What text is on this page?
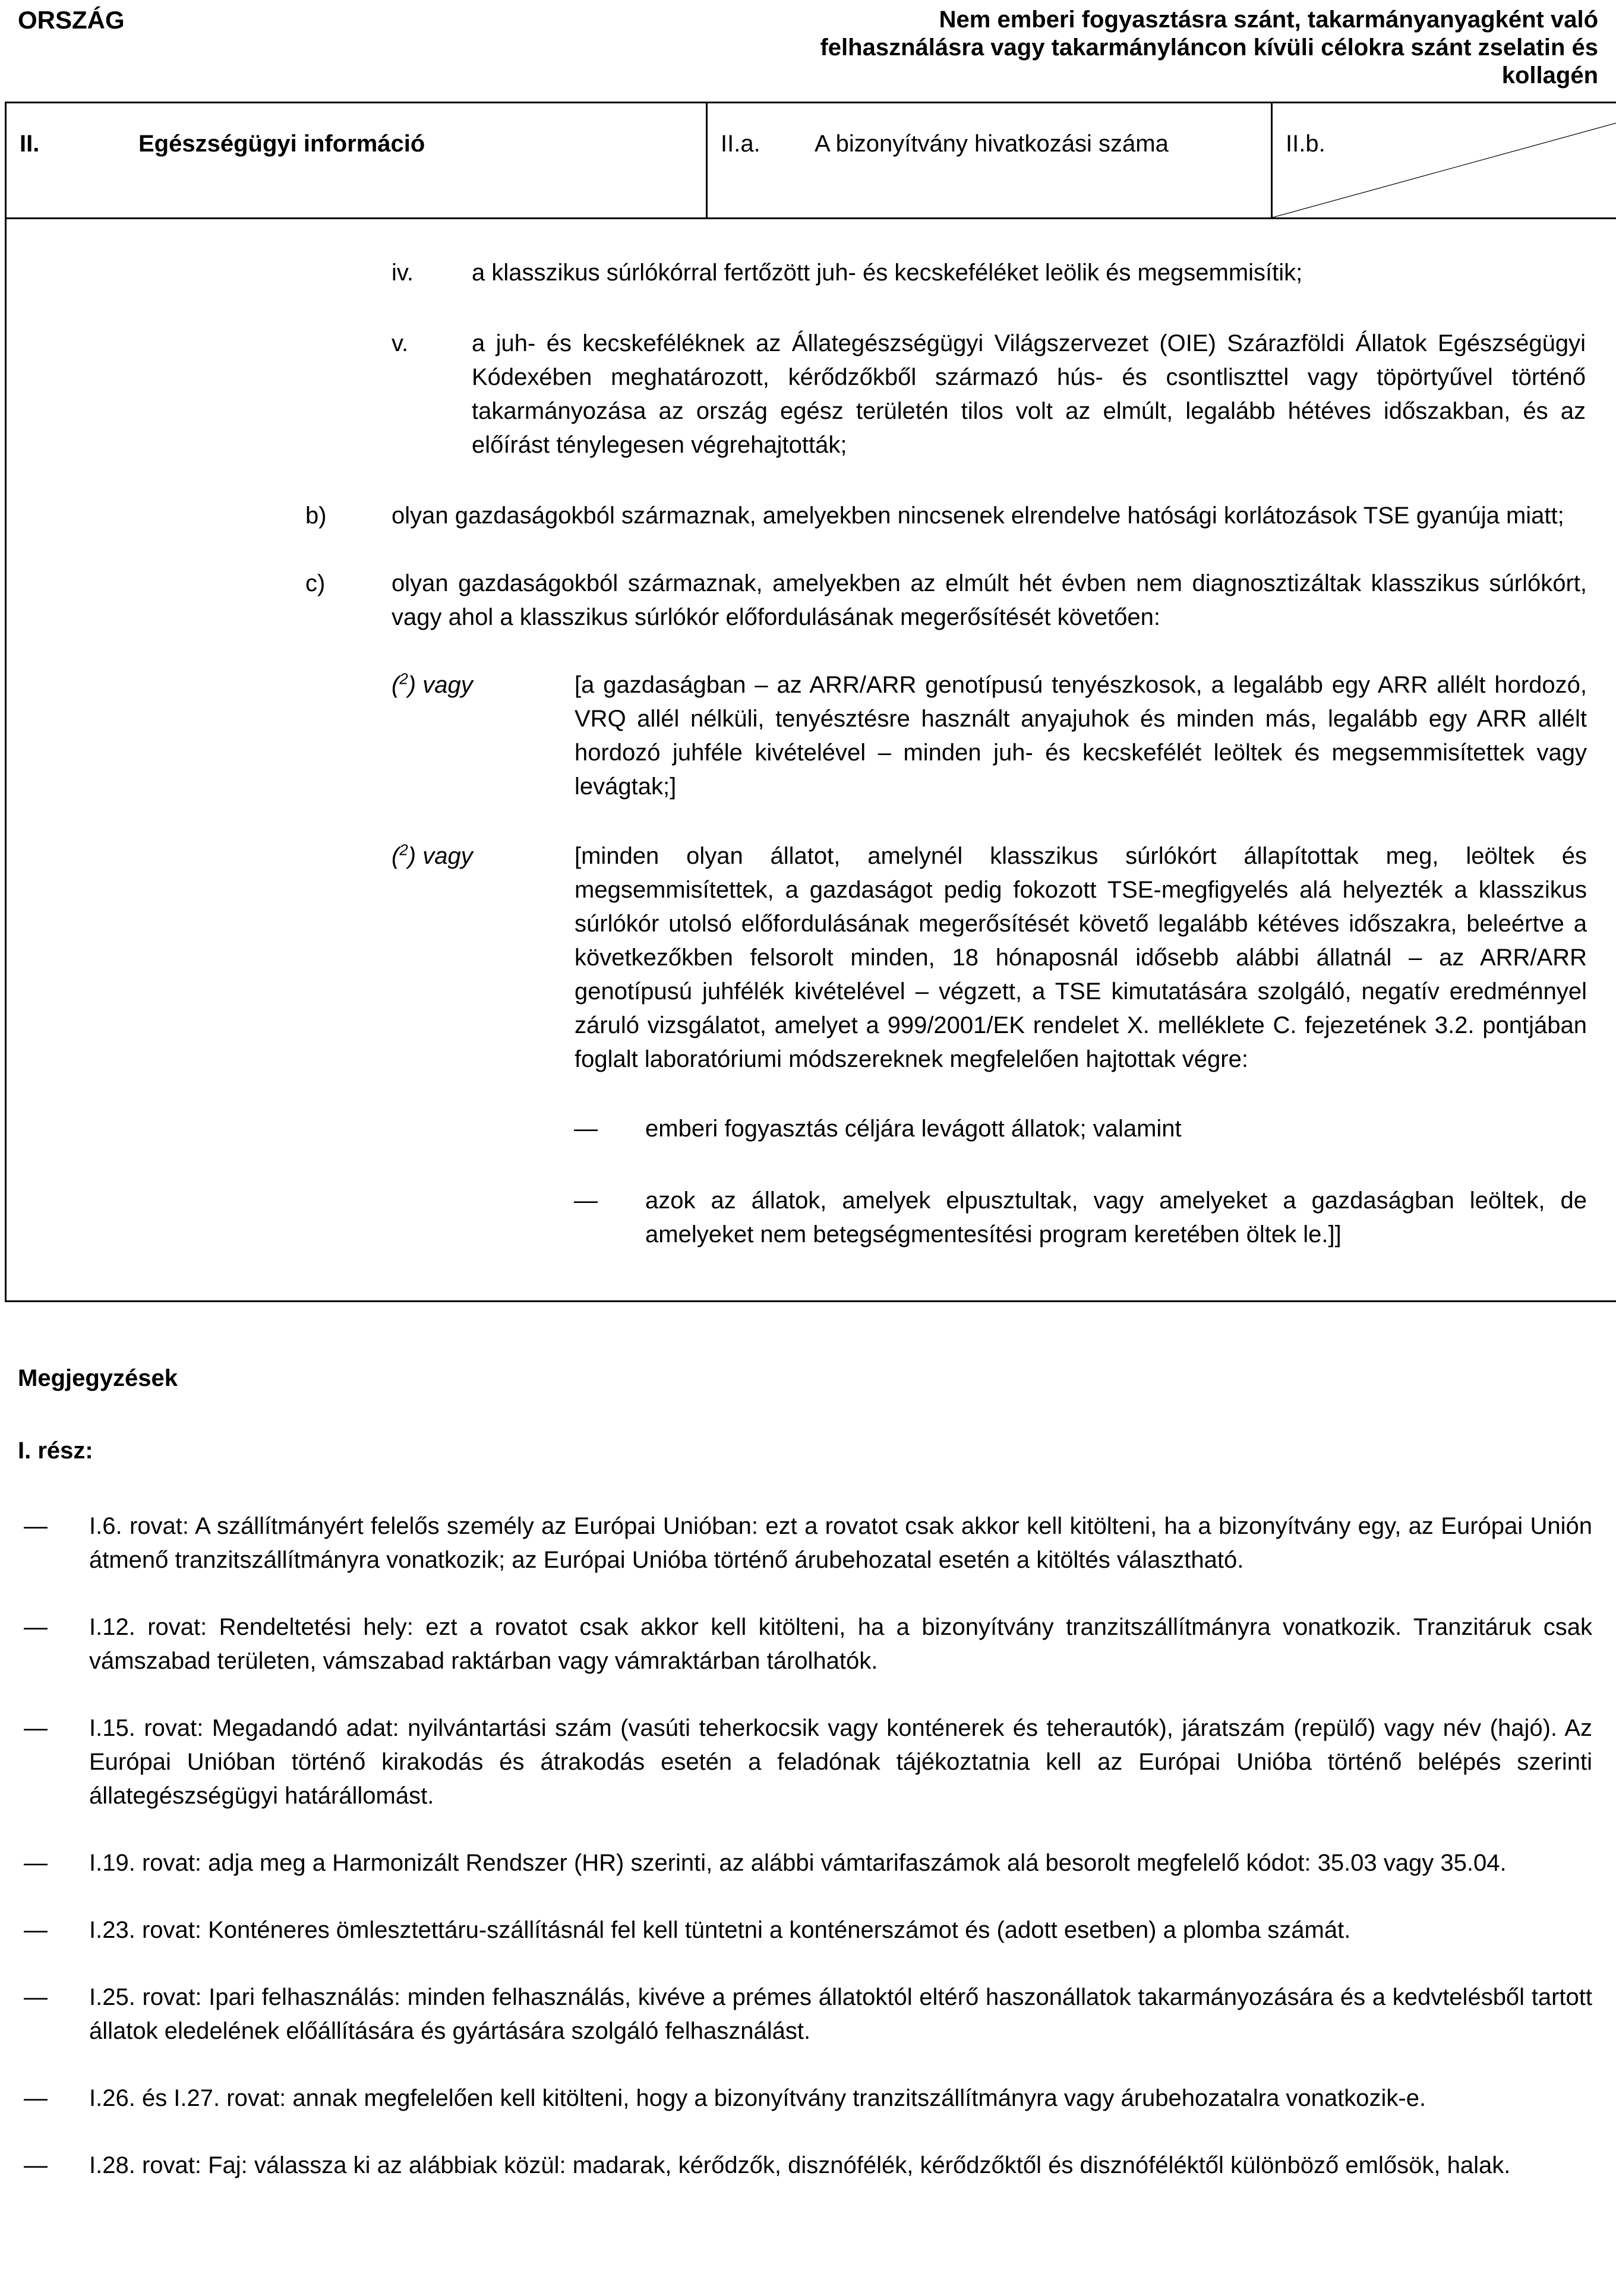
ORSZÁG	Nem emberi fogyasztásra szánt, takarmányanyagként való felhasználásra vagy takarmányláncon kívüli célokra szánt zselatin és kollagén
II.	Egészségügyi információ	II.a.	A bizonyítvány hivatkozási száma	II.b.

iv.	a klasszikus súrlókórral fertőzött juh- és kecskeféléket leölik és megsemmisítik;
v.	a juh- és kecskeféléknek az Állategészségügyi Világszervezet (OIE) Szárazföldi Állatok Egészségügyi Kódexében meghatározott, kérődzőkből származó hús- és csontliszttel vagy töpörtyűvel történő takarmányozása az ország egész területén tilos volt az elmúlt, legalább hétéves időszakban, és az előírást ténylegesen végrehajtották;
b)	olyan gazdaságokból származnak, amelyekben nincsenek elrendelve hatósági korlátozások TSE gyanúja miatt;
c)	olyan gazdaságokból származnak, amelyekben az elmúlt hét évben nem diagnosztizáltak klasszikus súrlókórt, vagy ahol a klasszikus súrlókór előfordulásának megerősítését követően:
($^2$) vagy	[a gazdaságban – az ARR/ARR genotípusú tenyészkosok, a legalább egy ARR allélt hordozó, VRQ allél nélküli, tenyésztésre használt anyajuhok és minden más, legalább egy ARR allélt hordozó juhféle kivételével – minden juh- és kecskefélét leöltek és megsemmisítettek vagy levágtak;]
($^2$) vagy	[minden olyan állatot, amelynél klasszikus súrlókórt állapítottak meg, leöltek és megsemmisítettek, a gazdaságot pedig fokozott TSE-megfigyelés alá helyezték a klasszikus súrlókór utolsó előfordulásának megerősítését követő legalább kétéves időszakra, beleértve a következőkben felsorolt minden, 18 hónaposnál idősebb alábbi állatnál – az ARR/ARR genotípusú juhfélék kivételével – végzett, a TSE kimutatására szolgáló, negatív eredménnyel záruló vizsgálatot, amelyet a 999/2001/EK rendelet X. melléklete C. fejezetének 3.2. pontjában foglalt laboratóriumi módszereknek megfelelően hajtottak végre:
—	emberi fogyasztás céljára levágott állatok; valamint
—	azok az állatok, amelyek elpusztultak, vagy amelyeket a gazdaságban leöltek, de amelyeket nem betegségmentesítési program keretében öltek le.]]
Megjegyzések
I. rész:
—	I.6. rovat: A szállítmányért felelős személy az Európai Unióban: ezt a rovatot csak akkor kell kitölteni, ha a bizonyítvány egy, az Európai Unión átmenő tranzitszállítmányra vonatkozik; az Európai Unióba történő árubehozatal esetén a kitöltés választható.
—	I.12. rovat: Rendeltetési hely: ezt a rovatot csak akkor kell kitölteni, ha a bizonyítvány tranzitszállítmányra vonatkozik. Tranzitáruk csak vámszabad területen, vámszabad raktárban vagy vámraktárban tárolhatók.
—	I.15. rovat: Megadandó adat: nyilvántartási szám (vasúti teherkocsik vagy konténerek és teherautók), járatszám (repülő) vagy név (hajó). Az Európai Unióban történő kirakodás és átrakodás esetén a feladónak tájékoztatnia kell az Európai Unióba történő belépés szerinti állategészségügyi határállomást.
—	I.19. rovat: adja meg a Harmonizált Rendszer (HR) szerinti, az alábbi vámtarifaszámok alá besorolt megfelelő kódot: 35.03 vagy 35.04.
—	I.23. rovat: Konténeres ömlesztettáru-szállításnál fel kell tüntetni a konténerszámot és (adott esetben) a plomba számát.
—	I.25. rovat: Ipari felhasználás: minden felhasználás, kivéve a prémes állatoktól eltérő haszonállatok takarmányozására és a kedvtelésből tartott állatok eledelének előállítására és gyártására szolgáló felhasználást.
—	I.26. és I.27. rovat: annak megfelelően kell kitölteni, hogy a bizonyítvány tranzitszállítmányra vagy árubehozatalra vonatkozik-e.
—	I.28. rovat: Faj: válassza ki az alábbiak közül: madarak, kérődzők, disznófélék, kérődzőktől és disznóféléktől különböző emlősök, halak.
